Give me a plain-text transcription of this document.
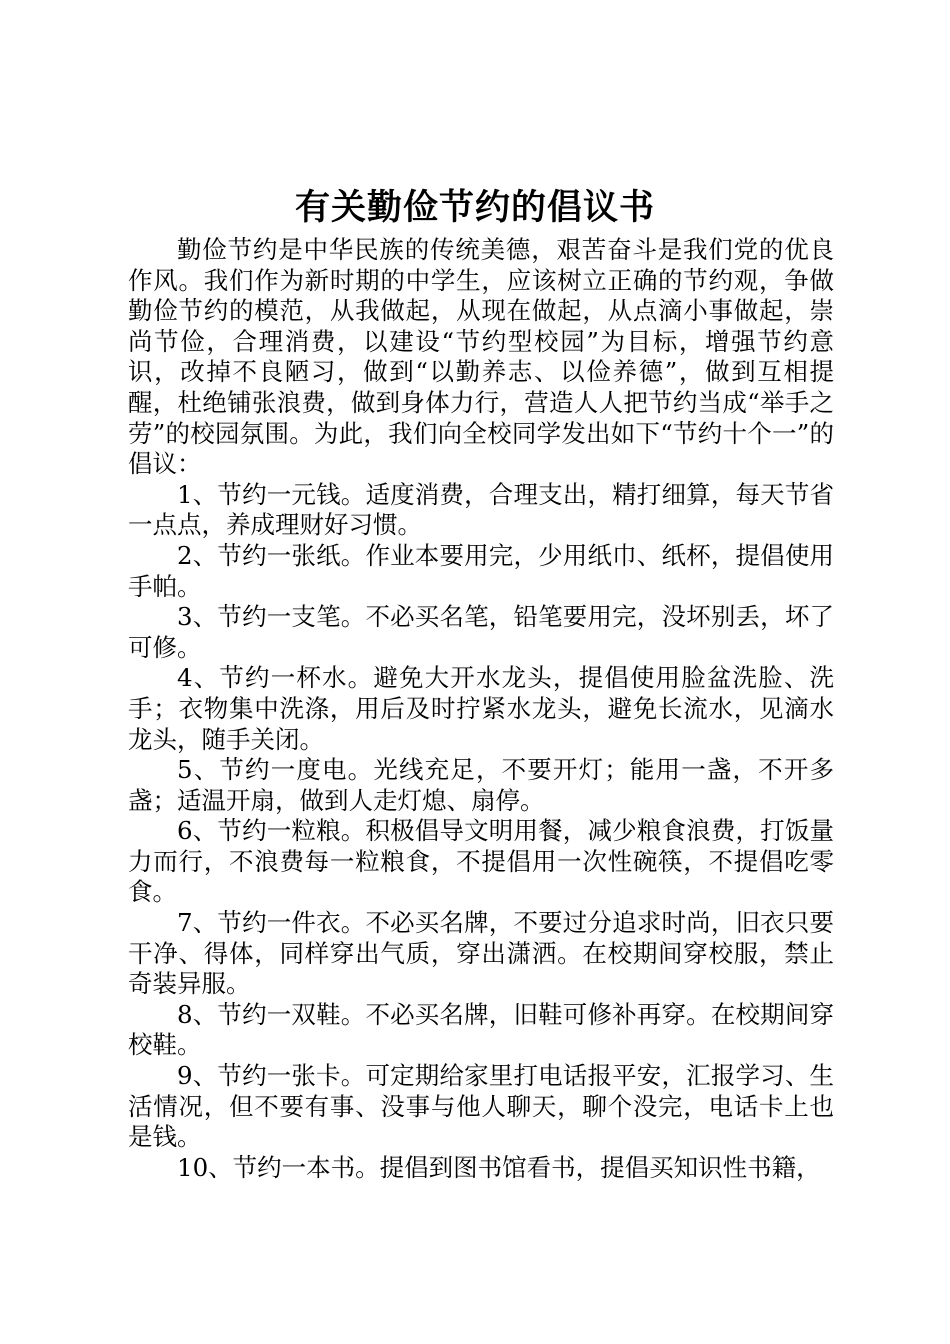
有关勤俭节约的倡议书

勤俭节约是中华民族的传统美德，艰苦奋斗是我们党的优良作风。我们作为新时期的中学生，应该树立正确的节约观，争做勤俭节约的模范，从我做起，从现在做起，从点滴小事做起，崇尚节俭，合理消费，以建设“节约型校园”为目标，增强节约意识，改掉不良陋习，做到“以勤养志、以俭养德”，做到互相提醒，杜绝铺张浪费，做到身体力行，营造人人把节约当成“举手之劳”的校园氛围。为此，我们向全校同学发出如下“节约十个一”的倡议：

1、节约一元钱。适度消费，合理支出，精打细算，每天节省一点点，养成理财好习惯。

2、节约一张纸。作业本要用完，少用纸巾、纸杯，提倡使用手帕。

3、节约一支笔。不必买名笔，铅笔要用完，没坏别丢，坏了可修。

4、节约一杯水。避免大开水龙头，提倡使用脸盆洗脸、洗手；衣物集中洗涤，用后及时拧紧水龙头，避免长流水，见滴水龙头，随手关闭。

5、节约一度电。光线充足，不要开灯；能用一盏，不开多盏；适温开扇，做到人走灯熄、扇停。

6、节约一粒粮。积极倡导文明用餐，减少粮食浪费，打饭量力而行，不浪费每一粒粮食，不提倡用一次性碗筷，不提倡吃零食。

7、节约一件衣。不必买名牌，不要过分追求时尚，旧衣只要干净、得体，同样穿出气质，穿出潇洒。在校期间穿校服，禁止奇装异服。

8、节约一双鞋。不必买名牌，旧鞋可修补再穿。在校期间穿校鞋。

9、节约一张卡。可定期给家里打电话报平安，汇报学习、生活情况，但不要有事、没事与他人聊天，聊个没完，电话卡上也是钱。

10、节约一本书。提倡到图书馆看书，提倡买知识性书籍，
